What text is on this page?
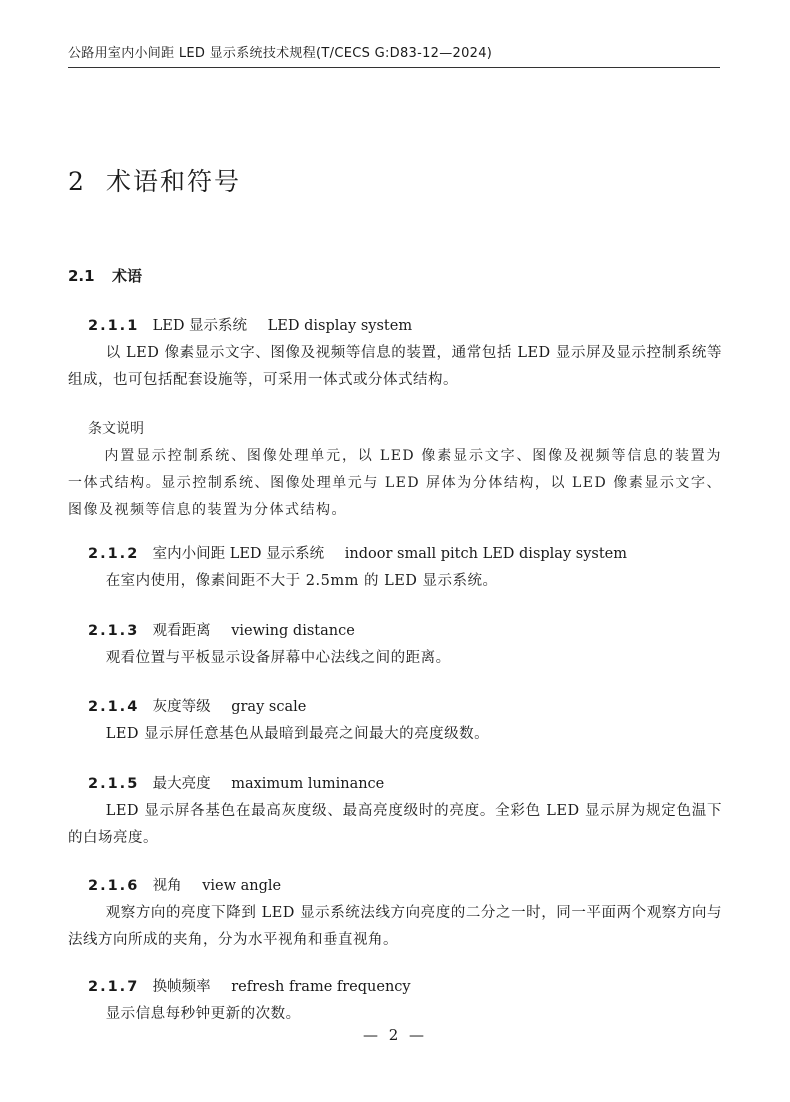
公路用室内小间距 LED 显示系统技术规程(T/CECS G:D83-12—2024)
2 术语和符号
2.1 术语
2.1.1 LED 显示系统 LED display system
以 LED 像素显示文字、图像及视频等信息的装置，通常包括 LED 显示屏及显示控制系统等组成，也可包括配套设施等，可采用一体式或分体式结构。
条文说明
内置显示控制系统、图像处理单元，以 LED 像素显示文字、图像及视频等信息的装置为一体式结构。显示控制系统、图像处理单元与 LED 屏体为分体结构，以 LED 像素显示文字、图像及视频等信息的装置为分体式结构。
2.1.2 室内小间距 LED 显示系统 indoor small pitch LED display system
在室内使用，像素间距不大于 2.5mm 的 LED 显示系统。
2.1.3 观看距离 viewing distance
观看位置与平板显示设备屏幕中心法线之间的距离。
2.1.4 灰度等级 gray scale
LED 显示屏任意基色从最暗到最亮之间最大的亮度级数。
2.1.5 最大亮度 maximum luminance
LED 显示屏各基色在最高灰度级、最高亮度级时的亮度。全彩色 LED 显示屏为规定色温下的白场亮度。
2.1.6 视角 view angle
观察方向的亮度下降到 LED 显示系统法线方向亮度的二分之一时，同一平面两个观察方向与法线方向所成的夹角，分为水平视角和垂直视角。
2.1.7 换帧频率 refresh frame frequency
显示信息每秒钟更新的次数。
— 2 —
